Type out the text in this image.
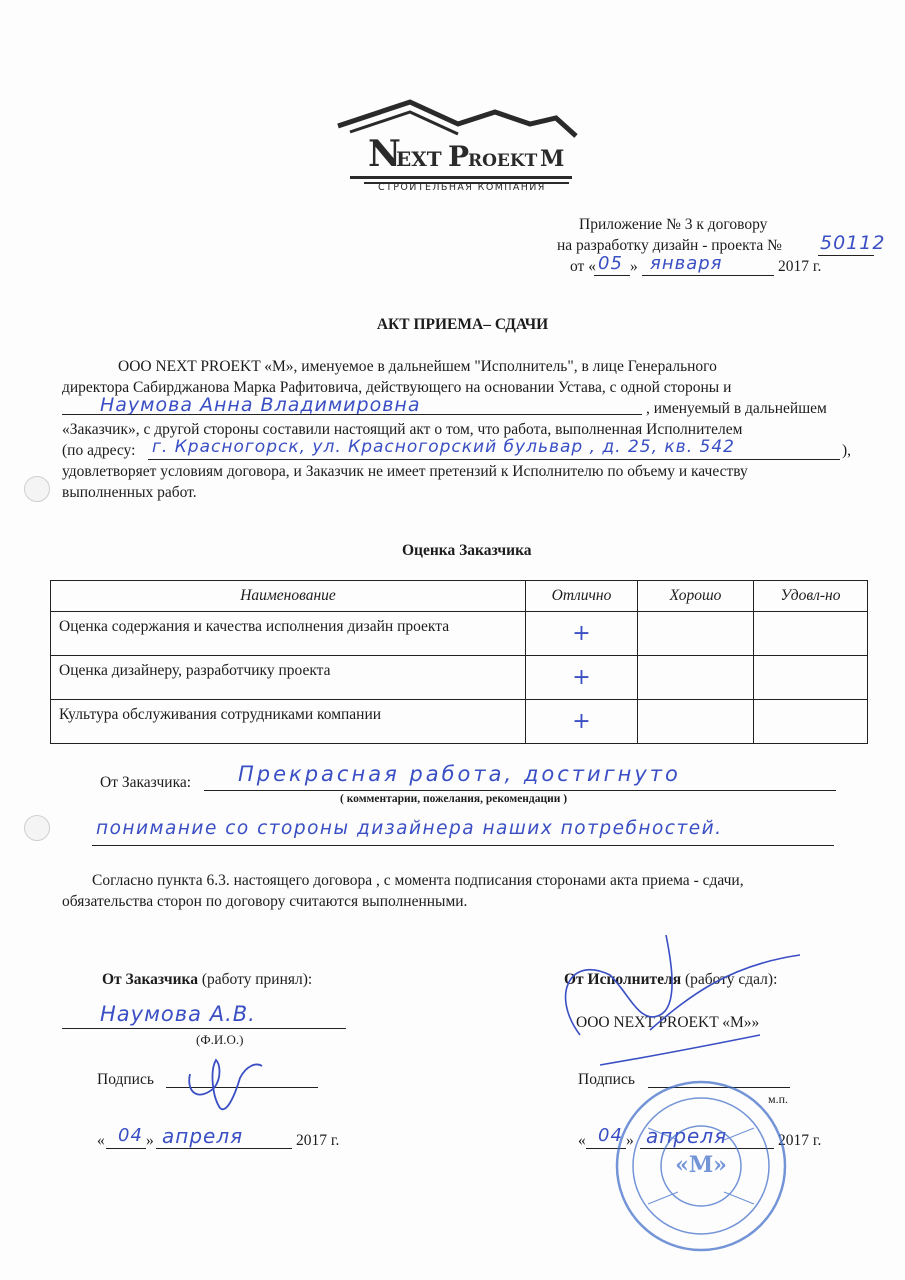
N
EXT P
ROEKT M
СТРОИТЕЛЬНАЯ КОМПАНИЯ
Приложение № 3 к договору
на разработку дизайн - проекта № 50112
от « 05 » января	2017 г.
АКТ ПРИЕМА– СДАЧИ
ООО NEXT PROEKT «М», именуемое в дальнейшем "Исполнитель", в лице Генерального
директора Сабирджанова Марка Рафитовича, действующего на основании Устава, с одной стороны и
Наумова Анна Владимировна	, именуемый в дальнейшем
«Заказчик», с другой стороны составили настоящий акт о том, что работа, выполненная Исполнителем
(по адресу: г. Красногорск, ул. Красногорский бульвар , д. 25, кв. 542	),
удовлетворяет условиям договора, и Заказчик не имеет претензий к Исполнителю по объему и качеству
выполненных работ.
Оценка Заказчика
Наименование	Отлично	Хорошо	Удовл-но
Оценка содержания и качества исполнения дизайн проекта	+		
Оценка дизайнеру, разработчику проекта	+		
Культура обслуживания сотрудниками компании	+		
От Заказчика: Прекрасная работа, достигнуто
( комментарии, пожелания, рекомендации )
понимание со стороны дизайнера наших потребностей.
Согласно пункта 6.3. настоящего договора , с момента подписания сторонами акта приема - сдачи,
обязательства сторон по договору считаются выполненными.
От Заказчика (работу принял):
Наумова А.В.
(Ф.И.О.)
Подпись
« 04 » апреля	2017 г.
От Исполнителя (работу сдал):
ООО NEXT PROEKT «М»»
Подпись
м.п.
« 04 » апреля	2017 г.
«M»
